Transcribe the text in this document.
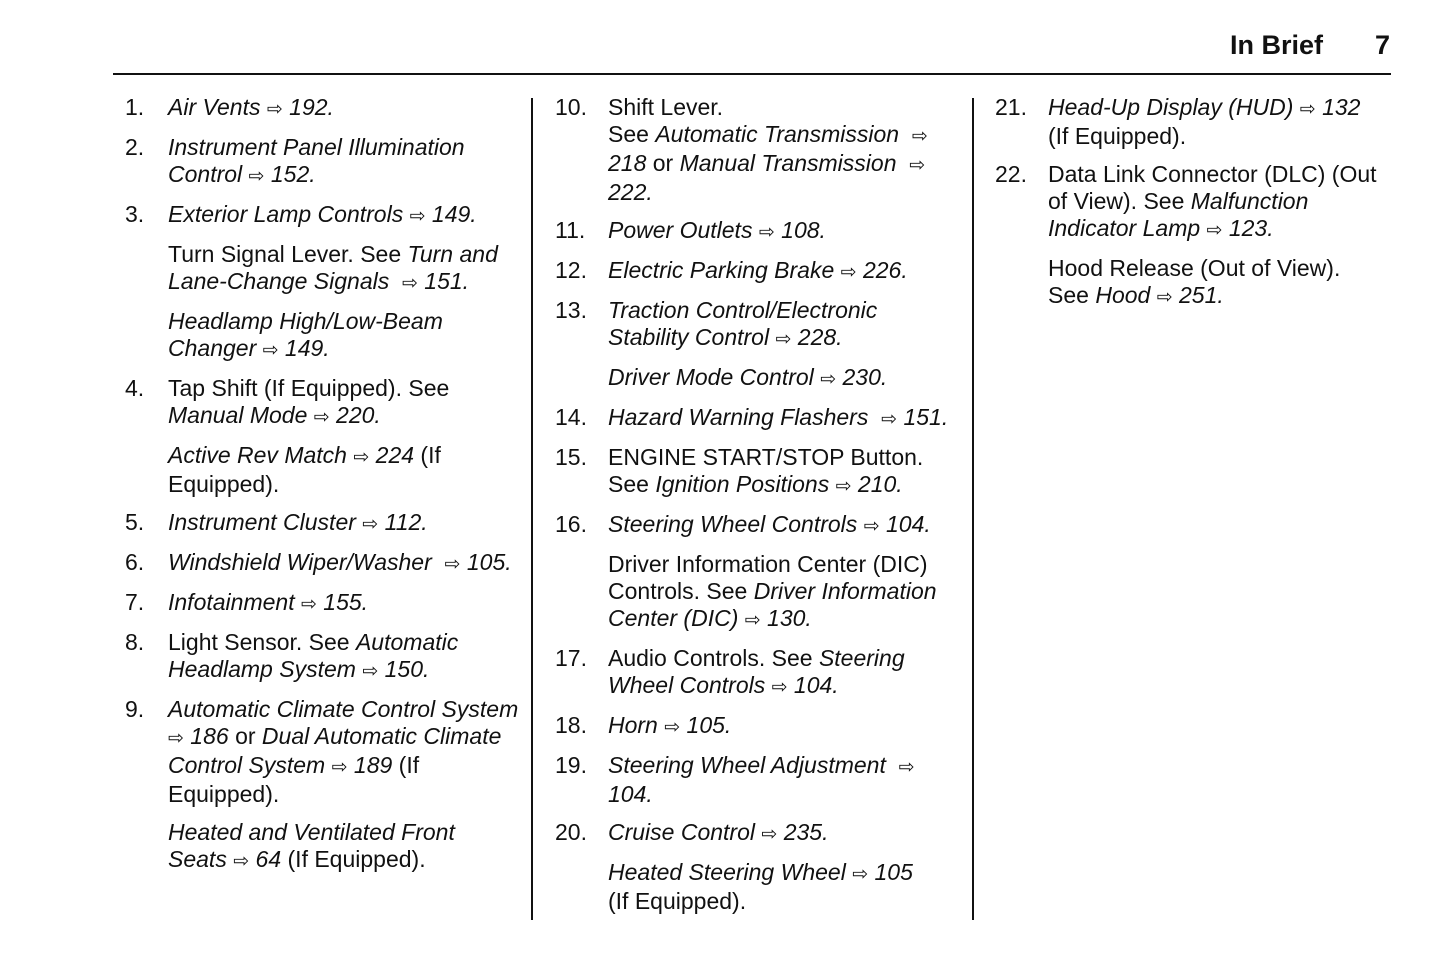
In Brief 7
1.	Air Vents ⇨ 192.
2.	Instrument Panel Illumination Control ⇨ 152.
3.	Exterior Lamp Controls ⇨ 149.
Turn Signal Lever. See Turn and Lane-Change Signals  ⇨ 151.
Headlamp High/Low-Beam Changer ⇨ 149.
4.	Tap Shift (If Equipped). See Manual Mode ⇨ 220.
Active Rev Match ⇨ 224 (If Equipped).
5.	Instrument Cluster ⇨ 112.
6.	Windshield Wiper/Washer  ⇨ 105.
7.	Infotainment ⇨ 155.
8.	Light Sensor. See Automatic Headlamp System ⇨ 150.
9.	Automatic Climate Control System ⇨ 186 or Dual Automatic Climate Control System ⇨ 189 (If Equipped).
Heated and Ventilated Front Seats ⇨ 64 (If Equipped).
10. Shift Lever.
See Automatic Transmission  ⇨ 218 or Manual Transmission  ⇨ 222.
11. Power Outlets ⇨ 108.
12. Electric Parking Brake ⇨ 226.
13. Traction Control/Electronic Stability Control ⇨ 228.
Driver Mode Control ⇨ 230.
14. Hazard Warning Flashers  ⇨ 151.
15. ENGINE START/STOP Button. See Ignition Positions ⇨ 210.
16. Steering Wheel Controls ⇨ 104.
Driver Information Center (DIC) Controls. See Driver Information Center (DIC) ⇨ 130.
17. Audio Controls. See Steering Wheel Controls ⇨ 104.
18. Horn ⇨ 105.
19. Steering Wheel Adjustment  ⇨ 104.
20. Cruise Control ⇨ 235.
Heated Steering Wheel ⇨ 105
(If Equipped).
21. Head-Up Display (HUD) ⇨ 132
(If Equipped).
22. Data Link Connector (DLC) (Out of View). See Malfunction Indicator Lamp ⇨ 123.
Hood Release (Out of View).
See Hood ⇨ 251.
